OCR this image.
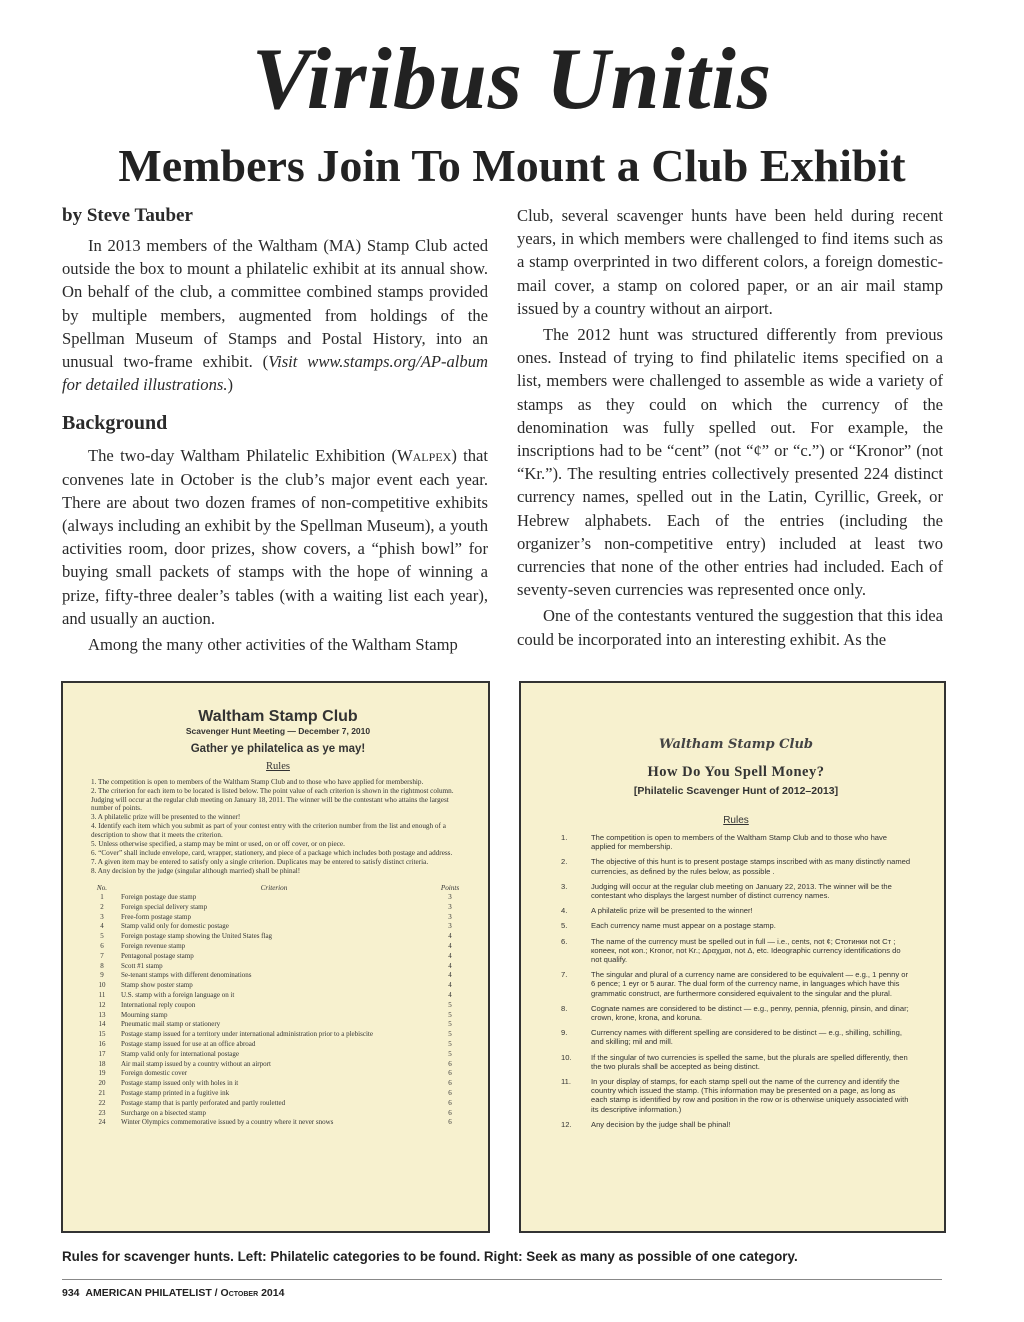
Viribus Unitis
Members Join To Mount a Club Exhibit
by Steve Tauber

In 2013 members of the Waltham (MA) Stamp Club acted outside the box to mount a philatelic exhibit at its annual show. On behalf of the club, a committee combined stamps provided by multiple members, augmented from holdings of the Spellman Museum of Stamps and Postal History, into an unusual two-frame exhibit. (Visit www.stamps.org/AP-album for detailed illustrations.)

Background

The two-day Waltham Philatelic Exhibition (Walpex) that convenes late in October is the club’s major event each year. There are about two dozen frames of non-competitive exhibits (always including an exhibit by the Spellman Museum), a youth activities room, door prizes, show covers, a “phish bowl” for buying small packets of stamps with the hope of winning a prize, fifty-three dealer’s tables (with a waiting list each year), and usually an auction.

Among the many other activities of the Waltham Stamp

Club, several scavenger hunts have been held during recent years, in which members were challenged to find items such as a stamp overprinted in two different colors, a foreign domestic-mail cover, a stamp on colored paper, or an air mail stamp issued by a country without an airport.

The 2012 hunt was structured differently from previous ones. Instead of trying to find philatelic items specified on a list, members were challenged to assemble as wide a variety of stamps as they could on which the currency of the denomination was fully spelled out. For example, the inscriptions had to be “cent” (not “¢” or “c.”) or “Kronor” (not “Kr.”). The resulting entries collectively presented 224 distinct currency names, spelled out in the Latin, Cyrillic, Greek, or Hebrew alphabets. Each of the entries (including the organizer’s non-competitive entry) included at least two currencies that none of the other entries had included. Each of seventy-seven currencies was represented once only.

One of the contestants ventured the suggestion that this idea could be incorporated into an interesting exhibit. As the

Waltham Stamp Club
Scavenger Hunt Meeting — December 7, 2010
Gather ye philatelica as ye may!
Rules
1. The competition is open to members of the Waltham Stamp Club and to those who have applied for membership.
2. The criterion for each item to be located is listed below. The point value of each criterion is shown in the rightmost column. Judging will occur at the regular club meeting on January 18, 2011. The winner will be the contestant who attains the largest number of points.
3. A philatelic prize will be presented to the winner!
4. Identify each item which you submit as part of your contest entry with the criterion number from the list and enough of a description to show that it meets the criterion.
5. Unless otherwise specified, a stamp may be mint or used, on or off cover, or on piece.
6. “Cover” shall include envelope, card, wrapper, stationery, and piece of a package which includes both postage and address.
7. A given item may be entered to satisfy only a single criterion. Duplicates may be entered to satisfy distinct criteria.
8. Any decision by the judge (singular although married) shall be phinal!
No.	Criterion	Points
1	Foreign postage due stamp	3
2	Foreign special delivery stamp	3
3	Free-form postage stamp	3
4	Stamp valid only for domestic postage	3
5	Foreign postage stamp showing the United States flag	4
6	Foreign revenue stamp	4
7	Pentagonal postage stamp	4
8	Scott #1 stamp	4
9	Se-tenant stamps with different denominations	4
10	Stamp show poster stamp	4
11	U.S. stamp with a foreign language on it	4
12	International reply coupon	5
13	Mourning stamp	5
14	Pneumatic mail stamp or stationery	5
15	Postage stamp issued for a territory under international administration prior to a plebiscite	5
16	Postage stamp issued for use at an office abroad	5
17	Stamp valid only for international postage	5
18	Air mail stamp issued by a country without an airport	6
19	Foreign domestic cover	6
20	Postage stamp issued only with holes in it	6
21	Postage stamp printed in a fugitive ink	6
22	Postage stamp that is partly perforated and partly rouletted	6
23	Surcharge on a bisected stamp	6
24	Winter Olympics commemorative issued by a country where it never snows	6
Waltham Stamp Club
How Do You Spell Money?
[Philatelic Scavenger Hunt of 2012–2013]
Rules
1.	The competition is open to members of the Waltham Stamp Club and to those who have applied for membership.
2.	The objective of this hunt is to present postage stamps inscribed with as many distinctly named currencies, as defined by the rules below, as possible .
3.	Judging will occur at the regular club meeting on January 22, 2013. The winner will be the contestant who displays the largest number of distinct currency names.
4.	A philatelic prize will be presented to the winner!
5.	Each currency name must appear on a postage stamp.
6.	The name of the currency must be spelled out in full — i.e., cents, not ¢; Стотинки not Ст ; копеек, not коп.; Kronor, not Kr.; Δραχμαι, not Δ, etc. Ideographic currency identifications do not qualify.
7.	The singular and plural of a currency name are considered to be equivalent — e.g., 1 penny or 6 pence; 1 eyr or 5 aurar. The dual form of the currency name, in languages which have this grammatic construct, are furthermore considered equivalent to the singular and the plural.
8.	Cognate names are considered to be distinct — e.g., penny, pennia, pfennig, pinsin, and dinar; crown, krone, krona, and koruna.
9.	Currency names with different spelling are considered to be distinct — e.g., shilling, schilling, and skilling; mil and mill.
10.	If the singular of two currencies is spelled the same, but the plurals are spelled differently, then the two plurals shall be accepted as being distinct.
11.	In your display of stamps, for each stamp spell out the name of the currency and identify the country which issued the stamp. (This information may be presented on a page, as long as each stamp is identified by row and position in the row or is otherwise uniquely associated with its descriptive information.)
12.	Any decision by the judge shall be phinal!
Rules for scavenger hunts. Left: Philatelic categories to be found. Right: Seek as many as possible of one category.
934 AMERICAN PHILATELIST / October 2014
